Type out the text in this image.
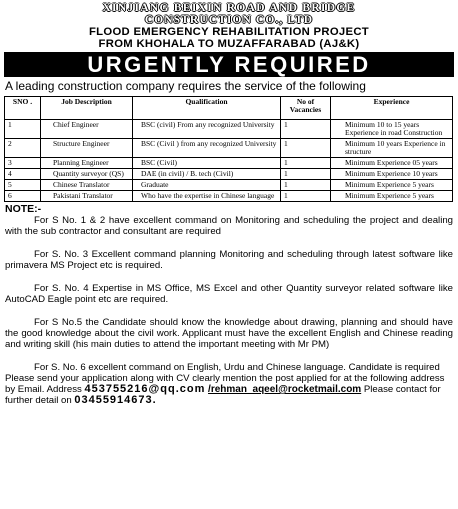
XINJIANG BEIXIN ROAD AND BRIDGE
CONSTRUCTION CO., LTD
FLOOD EMERGENCY REHABILITATION PROJECT
FROM KHOHALA TO MUZAFFARABAD (AJ&K)
URGENTLY REQUIRED
A leading construction company requires the service of the following
SNO .	Job Description	Qualification	No of Vacancies	Experience
1	Chief Engineer	BSC (civil) From any recognized University	1	Minimum 10 to 15 years Experience in road Construction
2	Structure Engineer	BSC (Civil ) from any recognized University	1	Minimum 10 years Experience in structure
3	Planning Engineer	BSC (Civil)	1	Minimum Experience 05 years
4	Quantity surveyor (QS)	DAE (in civil) / B. tech (Civil)	1	Minimum Experience 10 years
5	Chinese Translator	Graduate	1	Minimum Experience 5 years
6	Pakistani Translator	Who have the expertise in Chinese language	1	Minimum Experience 5 years
NOTE:-
For S No. 1 & 2 have excellent command on Monitoring and scheduling the project and dealing with the sub contractor and consultant are required
For S. No. 3 Excellent command planning Monitoring and scheduling through latest software like primavera MS Project etc is required.
For S. No. 4 Expertise in MS Office, MS Excel and other Quantity surveyor related software like AutoCAD Eagle point etc are required.
For S No.5 the Candidate should know the knowledge about drawing, planning and should have the good knowledge about the civil work. Applicant must have the excellent English and Chinese reading and writing skill (his main duties to attend the important meeting with Mr PM)
For S. No. 6 excellent command on English, Urdu and Chinese language. Candidate is required Please send your application along with CV clearly mention the post applied for at the following address by Email. Address 453755216@qq.com /rehman_aqeel@rocketmail.com Please contact for further detail on 03455914673.
